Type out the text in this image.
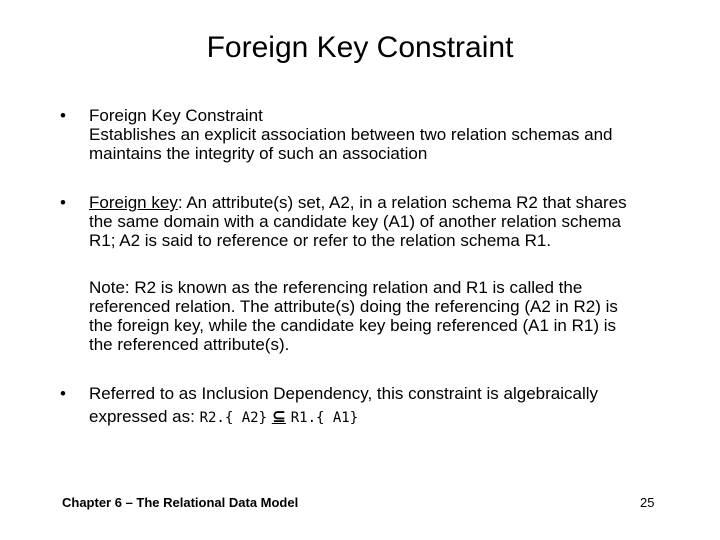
Foreign Key Constraint
•	Foreign Key Constraint
Establishes an explicit association between two relation schemas and
maintains the integrity of such an association
•	Foreign key: An attribute(s) set, A2, in a relation schema R2 that shares
the same domain with a candidate key (A1) of another relation schema
R1; A2 is said to reference or refer to the relation schema R1.
Note: R2 is known as the referencing relation and R1 is called the
referenced relation. The attribute(s) doing the referencing (A2 in R2) is
the foreign key, while the candidate key being referenced (A1 in R1) is
the referenced attribute(s).
•	Referred to as Inclusion Dependency, this constraint is algebraically
expressed as: R2.{ A2} ⊆ R1.{ A1}
Chapter 6 – The Relational Data Model	25
